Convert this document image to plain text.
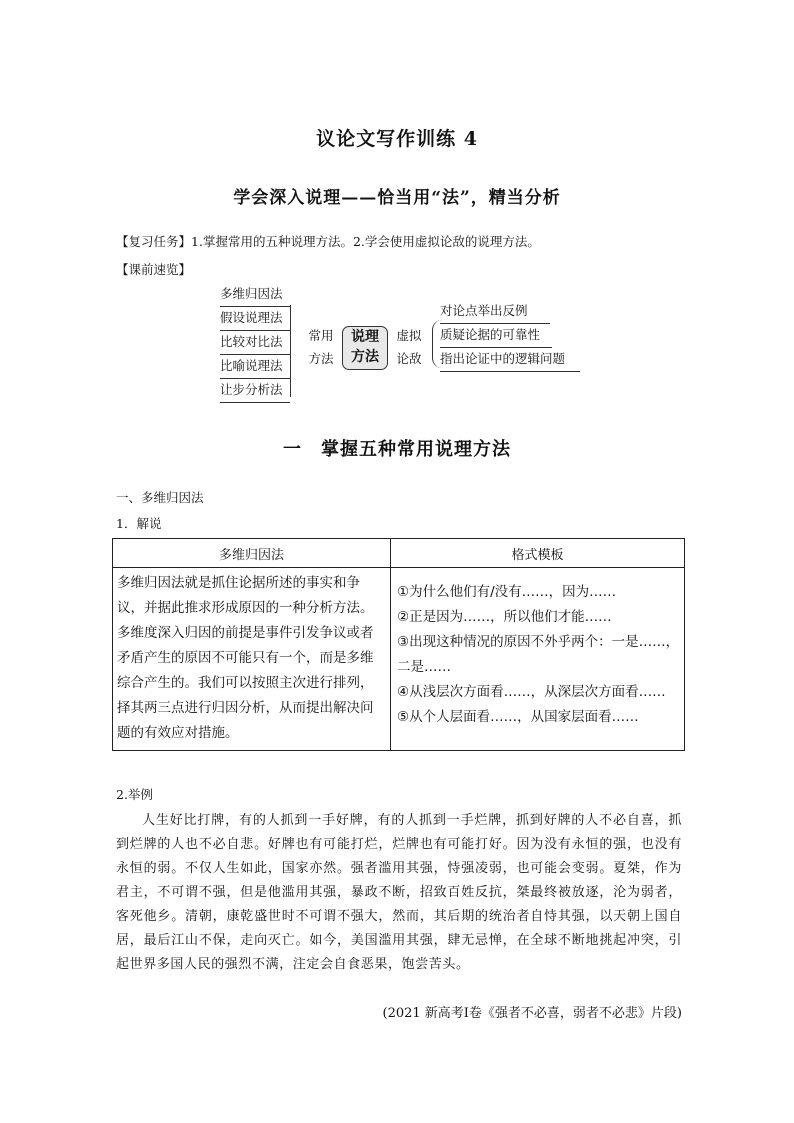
议论文写作训练 4
学会深入说理——恰当用“法”，精当分析
【复习任务】1.掌握常用的五种说理方法。2.学会使用虚拟论敌的说理方法。
【课前速览】
多维归因法
假设说理法
比较对比法
比喻说理法
让步分析法
常用
方法
说理
方法
虚拟
论敌
对论点举出反例
质疑论据的可靠性
指出论证中的逻辑问题
一　掌握五种常用说理方法
一、多维归因法
1．解说
多维归因法	格式模板
多维归因法就是抓住论据所述的事实和争议，并据此推求形成原因的一种分析方法。多维度深入归因的前提是事件引发争议或者矛盾产生的原因不可能只有一个，而是多维综合产生的。我们可以按照主次进行排列，择其两三点进行归因分析，从而提出解决问题的有效应对措施。	①为什么他们有/没有……，因为……
②正是因为……，所以他们才能……
③出现这种情况的原因不外乎两个：一是……，二是……
④从浅层次方面看……，从深层次方面看……
⑤从个人层面看……，从国家层面看……
2.举例
人生好比打牌，有的人抓到一手好牌，有的人抓到一手烂牌，抓到好牌的人不必自喜，抓到烂牌的人也不必自悲。好牌也有可能打烂，烂牌也有可能打好。因为没有永恒的强，也没有永恒的弱。不仅人生如此，国家亦然。强者滥用其强，恃强凌弱，也可能会变弱。夏桀，作为君主，不可谓不强，但是他滥用其强，暴政不断，招致百姓反抗，桀最终被放逐，沦为弱者，客死他乡。清朝，康乾盛世时不可谓不强大，然而，其后期的统治者自恃其强，以天朝上国自居，最后江山不保，走向灭亡。如今，美国滥用其强，肆无忌惮，在全球不断地挑起冲突，引起世界多国人民的强烈不满，注定会自食恶果，饱尝苦头。
(2021 新高考Ⅰ卷《强者不必喜，弱者不必悲》片段)
